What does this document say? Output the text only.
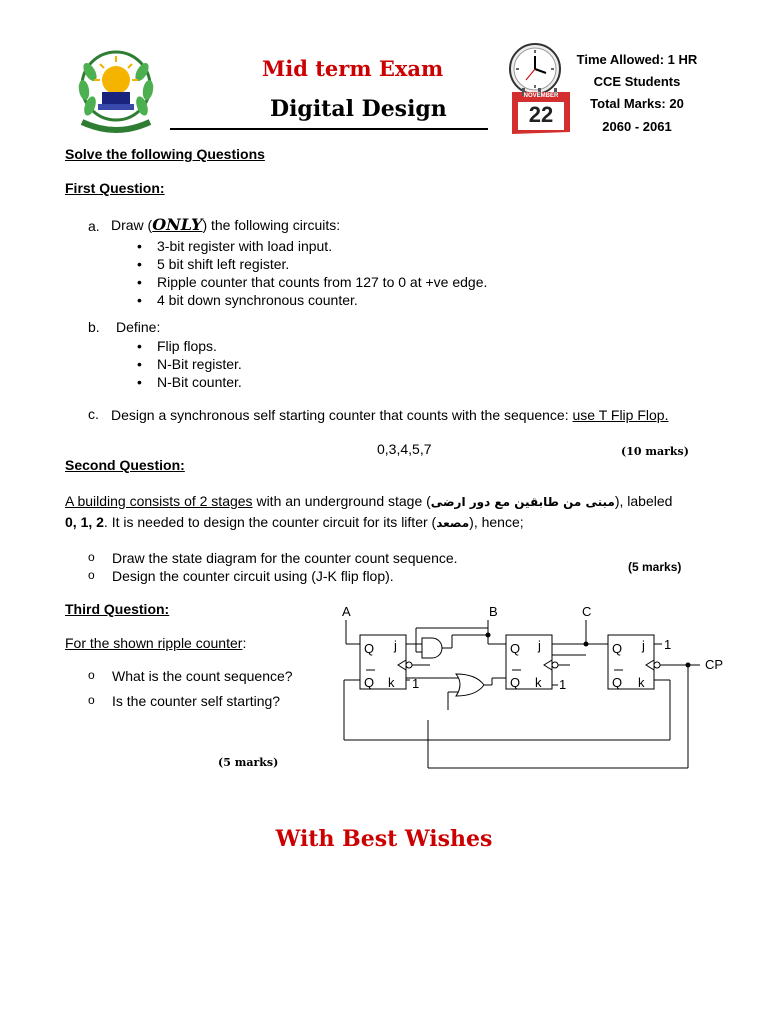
Mid term Exam
Digital Design	NOVEMBER
22
Time Allowed: 1 HR
CCE Students
Total Marks: 20
2060 - 2061
Solve the following Questions
First Question:
a. Draw (ONLY) the following circuits:
• 3-bit register with load input.
• 5 bit shift left register.
• Ripple counter that counts from 127 to 0 at +ve edge.
• 4 bit down synchronous counter.
b. Define:
• Flip flops.
• N-Bit register.
• N-Bit counter.
c. Design a synchronous self starting counter that counts with the sequence: use T Flip Flop.
0,3,4,5,7	(10 marks)
Second Question:
A building consists of 2 stages with an underground stage (مبنى من طابقين مع دور ارضى), labeled
0, 1, 2. It is needed to design the counter circuit for its lifter (مصعد), hence;
o Draw the state diagram for the counter count sequence.
o Design the counter circuit using (J-K flip flop).
(5 marks)
Third Question:
For the shown ripple counter:
o What is the count sequence?
o Is the counter self starting?
(5 marks)
A	B	C
CP
Q
Q
j
k 1
Q
Q
j
k 1
Q
Q
j
k
1
With Best Wishes
